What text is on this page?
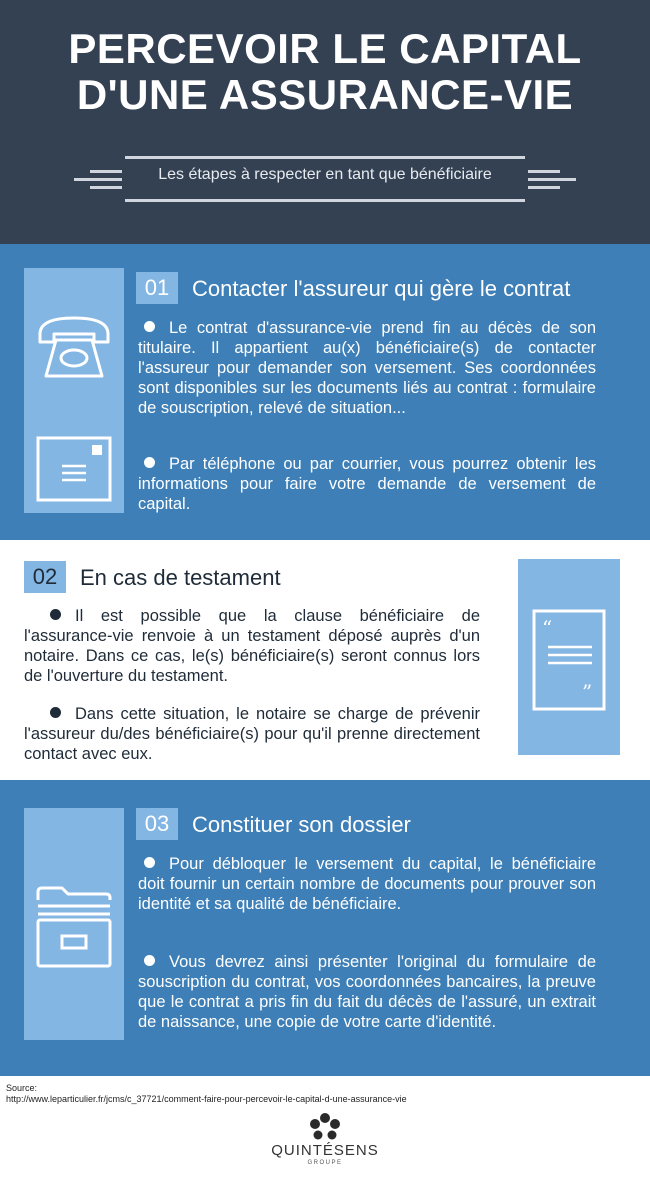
PERCEVOIR LE CAPITAL
D'UNE ASSURANCE-VIE
Les étapes à respecter en tant que bénéficiaire
01	Contacter l'assureur qui gère le contrat
Le contrat d'assurance-vie prend fin au décès de son titulaire. Il appartient au(x) bénéficiaire(s) de contacter l'assureur pour demander son versement. Ses coordonnées sont disponibles sur les documents liés au contrat : formulaire de souscription, relevé de situation...
Par téléphone ou par courrier, vous pourrez obtenir les informations pour faire votre demande de versement de capital.
02	En cas de testament
Il est possible que la clause bénéficiaire de l'assurance-vie renvoie à un testament déposé auprès d'un notaire. Dans ce cas, le(s) bénéficiaire(s) seront connus lors de l'ouverture du testament.
Dans cette situation, le notaire se charge de prévenir l'assureur du/des bénéficiaire(s) pour qu'il prenne directement contact avec eux.
“
”
03	Constituer son dossier
Pour débloquer le versement du capital, le bénéficiaire doit fournir un certain nombre de documents pour prouver son identité et sa qualité de bénéficiaire.
Vous devrez ainsi présenter l'original du formulaire de souscription du contrat, vos coordonnées bancaires, la preuve que le contrat a pris fin du fait du décès de l'assuré, un extrait de naissance, une copie de votre carte d'identité.
Source:
http://www.leparticulier.fr/jcms/c_37721/comment-faire-pour-percevoir-le-capital-d-une-assurance-vie
QUINTÉSENS
GROUPE
